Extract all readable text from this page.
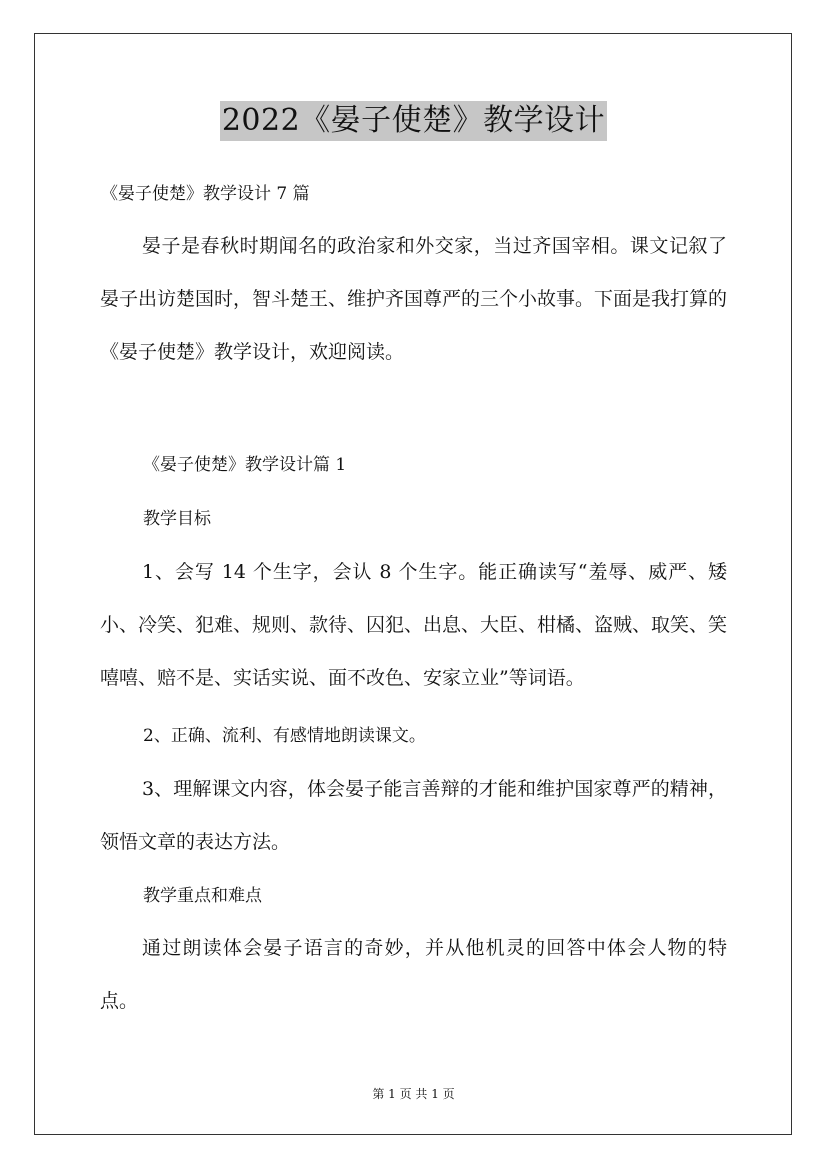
2022《晏子使楚》教学设计
《晏子使楚》教学设计 7 篇

晏子是春秋时期闻名的政治家和外交家，当过齐国宰相。课文记叙了晏子出访楚国时，智斗楚王、维护齐国尊严的三个小故事。下面是我打算的《晏子使楚》教学设计，欢迎阅读。

《晏子使楚》教学设计篇 1
教学目标

1、会写 14 个生字，会认 8 个生字。能正确读写“羞辱、威严、矮小、冷笑、犯难、规则、款待、囚犯、出息、大臣、柑橘、盗贼、取笑、笑嘻嘻、赔不是、实话实说、面不改色、安家立业”等词语。

2、正确、流利、有感情地朗读课文。

3、理解课文内容，体会晏子能言善辩的才能和维护国家尊严的精神，领悟文章的表达方法。

教学重点和难点

通过朗读体会晏子语言的奇妙，并从他机灵的回答中体会人物的特点。

第 1 页 共 1 页
